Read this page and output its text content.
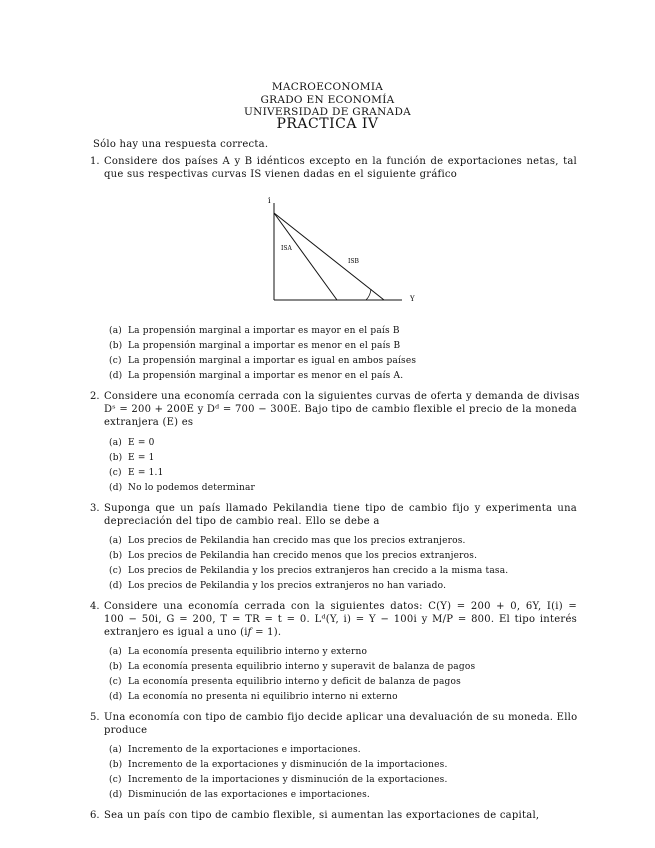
MACROECONOMIA
GRADO EN ECONOMÍA
UNIVERSIDAD DE GRANADA
PRACTICA IV
Sólo hay una respuesta correcta.
1. Considere dos países A y B idénticos excepto en la función de exportaciones netas, tal
que sus respectivas curvas IS vienen dadas en el siguiente gráfico
i
Y
ISA
ISB
(a) La propensión marginal a importar es mayor en el país B
(b) La propensión marginal a importar es menor en el país B
(c) La propensión marginal a importar es igual en ambos países
(d) La propensión marginal a importar es menor en el país A.
2. Considere una economía cerrada con la siguientes curvas de oferta y demanda de divisas
Dˢ = 200 + 200E y Dᵈ = 700 − 300E. Bajo tipo de cambio flexible el precio de la moneda
extranjera (E) es
(a) E = 0
(b) E = 1
(c) E = 1.1
(d) No lo podemos determinar
3. Suponga que un país llamado Pekilandia tiene tipo de cambio fijo y experimenta una
depreciación del tipo de cambio real. Ello se debe a
(a) Los precios de Pekilandia han crecido mas que los precios extranjeros.
(b) Los precios de Pekilandia han crecido menos que los precios extranjeros.
(c) Los precios de Pekilandia y los precios extranjeros han crecido a la misma tasa.
(d) Los precios de Pekilandia y los precios extranjeros no han variado.
4. Considere una economía cerrada con la siguientes datos: C(Y) = 200 + 0, 6Y, I(i) =
100 − 50i, G = 200, T = TR = t = 0. Lᵈ(Y, i) = Y − 100i y M/P = 800. El tipo interés
extranjero es igual a uno (i𝑓 = 1).
(a) La economía presenta equilibrio interno y externo
(b) La economía presenta equilibrio interno y superavit de balanza de pagos
(c) La economía presenta equilibrio interno y deficit de balanza de pagos
(d) La economía no presenta ni equilibrio interno ni externo
5. Una economía con tipo de cambio fijo decide aplicar una devaluación de su moneda. Ello
produce
(a) Incremento de la exportaciones e importaciones.
(b) Incremento de la exportaciones y disminución de la importaciones.
(c) Incremento de la importaciones y disminución de la exportaciones.
(d) Disminución de las exportaciones e importaciones.
6. Sea un país con tipo de cambio flexible, si aumentan las exportaciones de capital,
